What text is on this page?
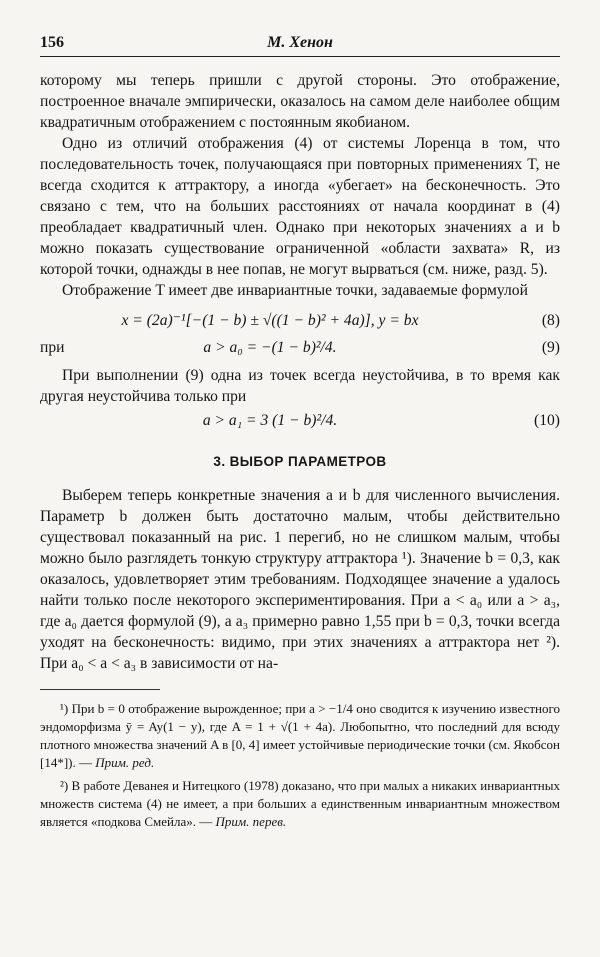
156	М. Хенон

которому мы теперь пришли с другой стороны. Это отображение, построенное вначале эмпирически, оказалось на самом деле наиболее общим квадратичным отображением с постоянным якобианом.

Одно из отличий отображения (4) от системы Лоренца в том, что последовательность точек, получающаяся при повторных применениях T, не всегда сходится к аттрактору, а иногда «убегает» на бесконечность. Это связано с тем, что на больших расстояниях от начала координат в (4) преобладает квадратичный член. Однако при некоторых значениях a и b можно показать существование ограниченной «области захвата» R, из которой точки, однажды в нее попав, не могут вырваться (см. ниже, разд. 5).

Отображение T имеет две инвариантные точки, задаваемые формулой

x = (2a)⁻¹[−(1 − b) ± √((1 − b)² + 4a)], y = bx	(8)
при	a > a₀ = −(1 − b)²/4.	(9)

При выполнении (9) одна из точек всегда неустойчива, в то время как другая неустойчива только при

a > a₁ = 3 (1 − b)²/4.	(10)
3. ВЫБОР ПАРАМЕТРОВ

Выберем теперь конкретные значения a и b для численного вычисления. Параметр b должен быть достаточно малым, чтобы действительно существовал показанный на рис. 1 перегиб, но не слишком малым, чтобы можно было разглядеть тонкую структуру аттрактора ¹). Значение b = 0,3, как оказалось, удовлетворяет этим требованиям. Подходящее значение a удалось найти только после некоторого экспериментирования. При a < a₀ или a > a₃, где a₀ дается формулой (9), а a₃ примерно равно 1,55 при b = 0,3, точки всегда уходят на бесконечность: видимо, при этих значениях a аттрактора нет ²). При a₀ < a < a₃ в зависимости от на-

¹) При b = 0 отображение вырожденное; при a > −1/4 оно сводится к изучению известного эндоморфизма ȳ = Ay(1 − y), где A = 1 + √(1 + 4a). Любопытно, что последний для всюду плотного множества значений A в [0, 4] имеет устойчивые периодические точки (см. Якобсон [14*]). — Прим. ред.

²) В работе Деванея и Нитецкого (1978) доказано, что при малых a никаких инвариантных множеств система (4) не имеет, а при больших a единственным инвариантным множеством является «подкова Смейла». — Прим. перев.
